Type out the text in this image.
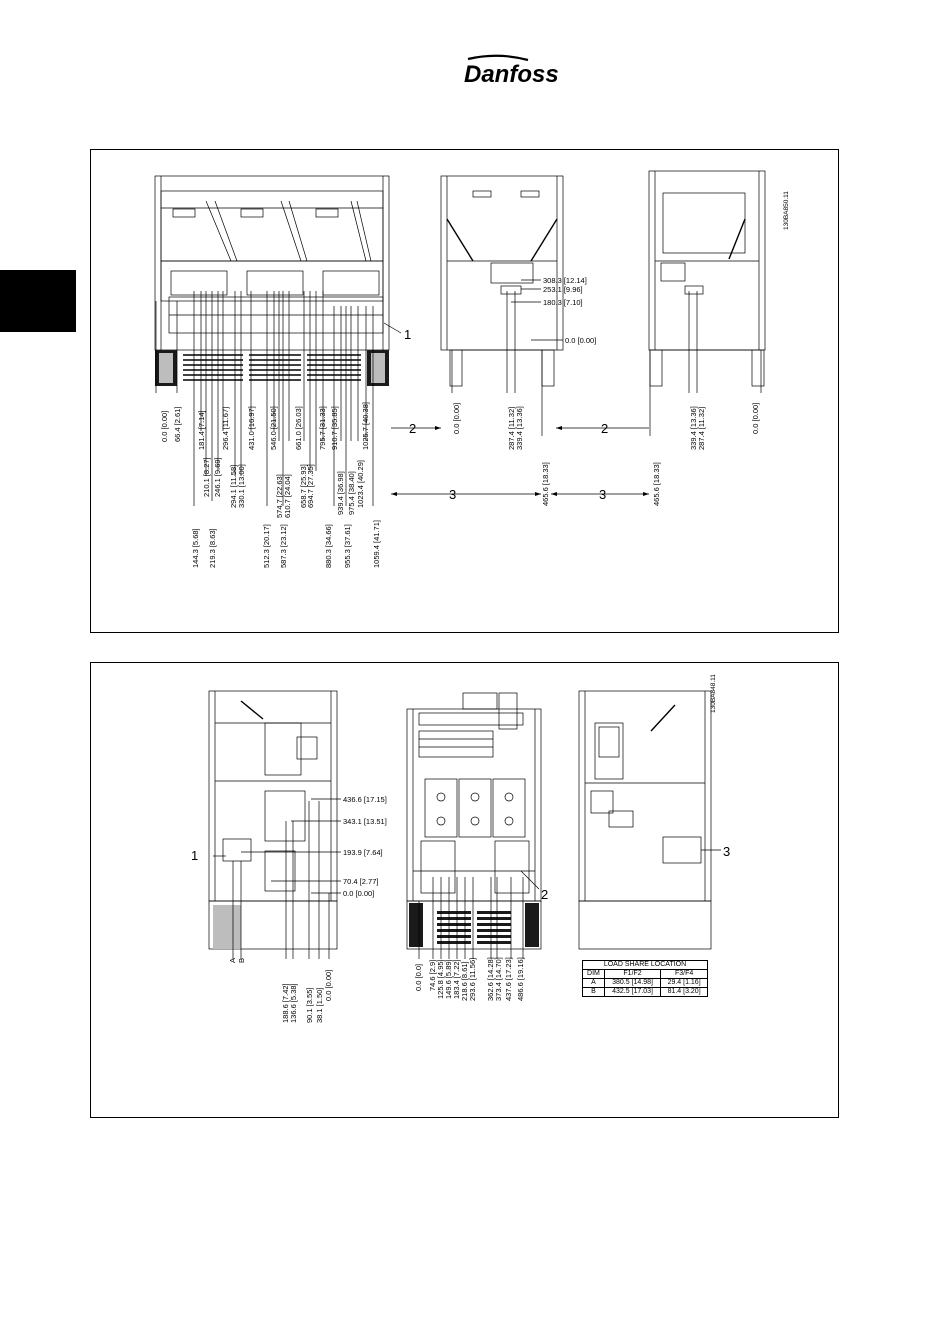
Danfoss
1
2	2
3	3
130BA850.11
308.3 [12.14]
253.1 [9.96]
180.3 [7.10]
0.0 [0.00]
0.0 [0.00] 66.4 [2.61]
144.3 [5.68]
181.4 [7.14]
210.1 [8.27]
219.3 [8.63]
246.1 [9.69]
296.4 [11.67]
294.1 [11.58] 330.1 [13.00]
431.0 [16.97]
512.3 [20.17]
546.0 [21.50]
574.7 [22.63]
587.3 [23.12]
610.7 [24.04]
661.0 [26.03]
658.7 [25.93]
694.7 [27.35]
795.7 [31.33]
880.3 [34.66]
910.7 [35.85]
939.4 [36.98]
955.3 [37.61]
975.4 [38.40] 1023.4 [40.29]
1025.7 [40.38]
1059.4 [41.71]
0.0 [0.00]	287.4 [11.32] 339.4 [13.36]
465.6 [18.33]	465.6 [18.33]
339.4 [13.36] 287.4 [11.32]	0.0 [0.00]
1
2
3
130BA848.11
436.6 [17.15]
343.1 [13.51]
193.9 [7.64]
70.4 [2.77]
0.0 [0.00]
A B
188.6 [7.42] 136.6 [5.38] 90.1 [3.55] 38.1 [1.50]
0.0 [0.00]	0.0 [0.0] 74.6 [2.9] 125.8 [4.95] 149.6 [5.89] 183.4 [7.22] 218.6 [8.61] 293.6 [11.56] 362.6 [14.28] 373.4 [14.70] 437.6 [17.23] 486.6 [19.16]	LOAD SHARE LOCATION		
DIM	F1/F2	F3/F4
A	380.5 [14.98]	29.4 [1.16]
B	432.5 [17.03]	81.4 [3.20]
